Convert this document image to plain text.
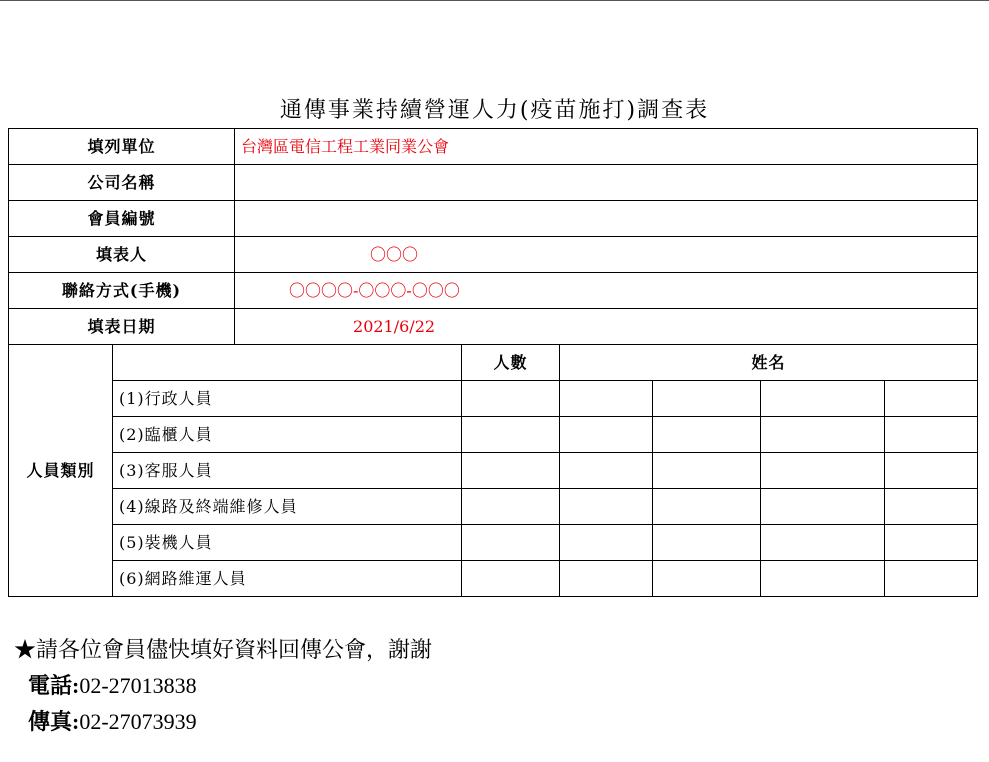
通傳事業持續營運人力(疫苗施打)調查表
填列單位		台灣區電信工程工業同業公會					
公司名稱							
會員編號							
填表人		〇〇〇					
聯絡方式(手機)		〇〇〇〇-〇〇〇-〇〇〇					
填表日期		2021/6/22					
人員類別			人數	姓名			
	(1)行政人員						
	(2)臨櫃人員						
	(3)客服人員						
	(4)線路及終端維修人員						
	(5)裝機人員						
	(6)網路維運人員						
★請各位會員儘快填好資料回傳公會，謝謝
電話:02-27013838
傳真:02-27073939
